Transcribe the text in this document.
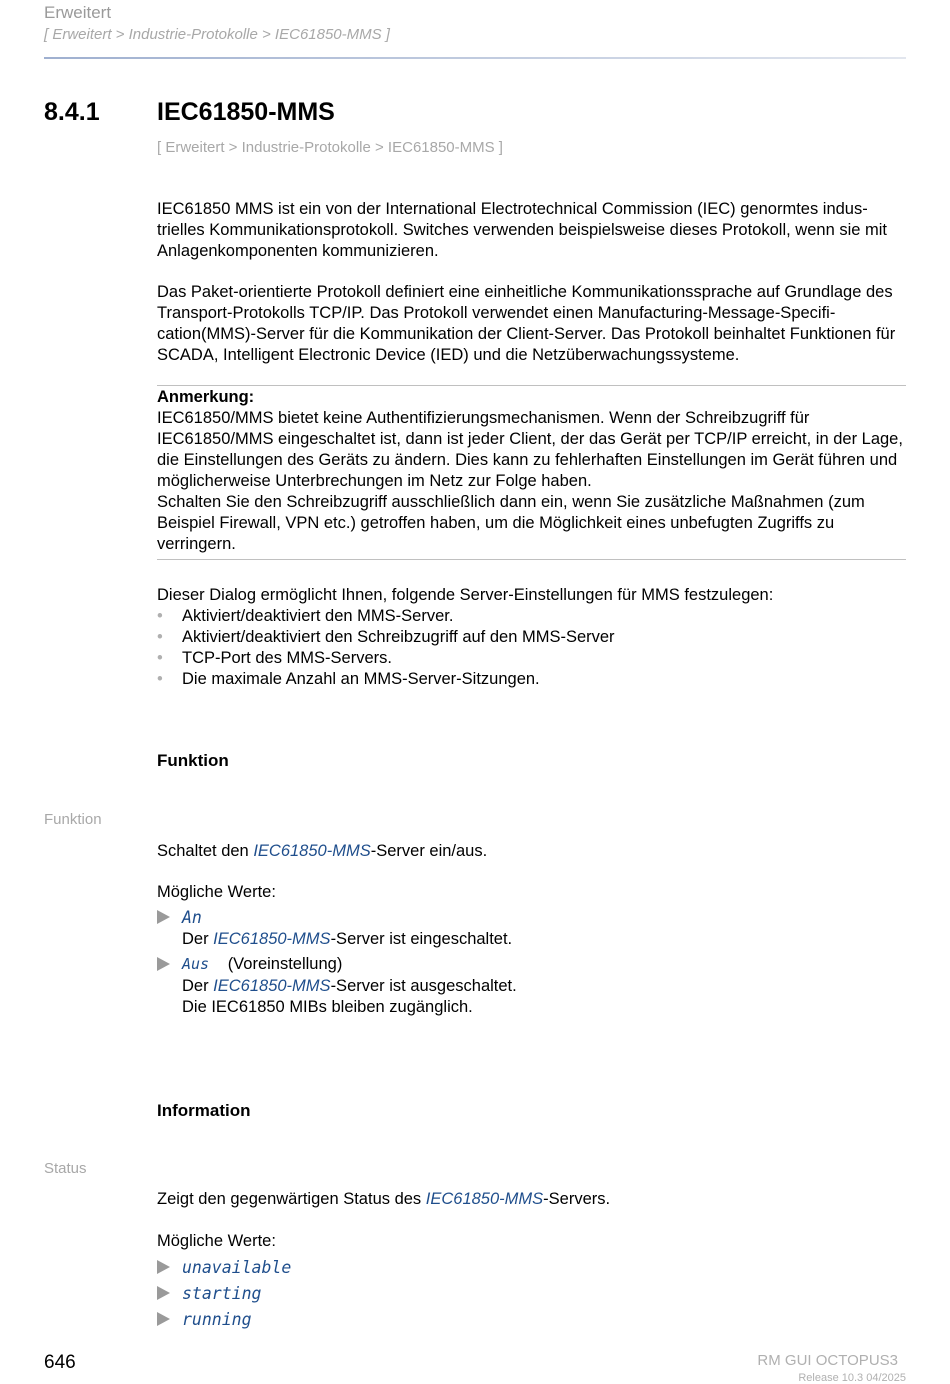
Erweitert
[ Erweitert > Industrie-Protokolle > IEC61850-MMS ]
8.4.1 IEC61850-MMS
[ Erweitert > Industrie-Protokolle > IEC61850-MMS ]
IEC61850 MMS ist ein von der International Electrotechnical Commission (IEC) genormtes indus- trielles Kommunikationsprotokoll. Switches verwenden beispielsweise dieses Protokoll, wenn sie mit Anlagenkomponenten kommunizieren.
Das Paket-orientierte Protokoll definiert eine einheitliche Kommunikationssprache auf Grundlage des Transport-Protokolls TCP/IP. Das Protokoll verwendet einen Manufacturing-Message-Specifi- cation(MMS)-Server für die Kommunikation der Client-Server. Das Protokoll beinhaltet Funktionen für SCADA, Intelligent Electronic Device (IED) und die Netzüberwachungssysteme.
Anmerkung:
IEC61850/MMS bietet keine Authentifizierungsmechanismen. Wenn der Schreibzugriff für IEC61850/MMS eingeschaltet ist, dann ist jeder Client, der das Gerät per TCP/IP erreicht, in der Lage, die Einstellungen des Geräts zu ändern. Dies kann zu fehlerhaften Einstellungen im Gerät führen und möglicherweise Unterbrechungen im Netz zur Folge haben.
Schalten Sie den Schreibzugriff ausschließlich dann ein, wenn Sie zusätzliche Maßnahmen (zum Beispiel Firewall, VPN etc.) getroffen haben, um die Möglichkeit eines unbefugten Zugriffs zu verringern.
Dieser Dialog ermöglicht Ihnen, folgende Server-Einstellungen für MMS festzulegen:
• Aktiviert/deaktiviert den MMS-Server.
• Aktiviert/deaktiviert den Schreibzugriff auf den MMS-Server
• TCP-Port des MMS-Servers.
• Die maximale Anzahl an MMS-Server-Sitzungen.
Funktion
Funktion
Schaltet den IEC61850-MMS-Server ein/aus.
Mögliche Werte:
An
Der IEC61850-MMS-Server ist eingeschaltet.
Aus (Voreinstellung)
Der IEC61850-MMS-Server ist ausgeschaltet.
Die IEC61850 MIBs bleiben zugänglich.
Information
Status
Zeigt den gegenwärtigen Status des IEC61850-MMS-Servers.
Mögliche Werte:
unavailable
starting
running
646	RM GUI OCTOPUS3
Release 10.3 04/2025
